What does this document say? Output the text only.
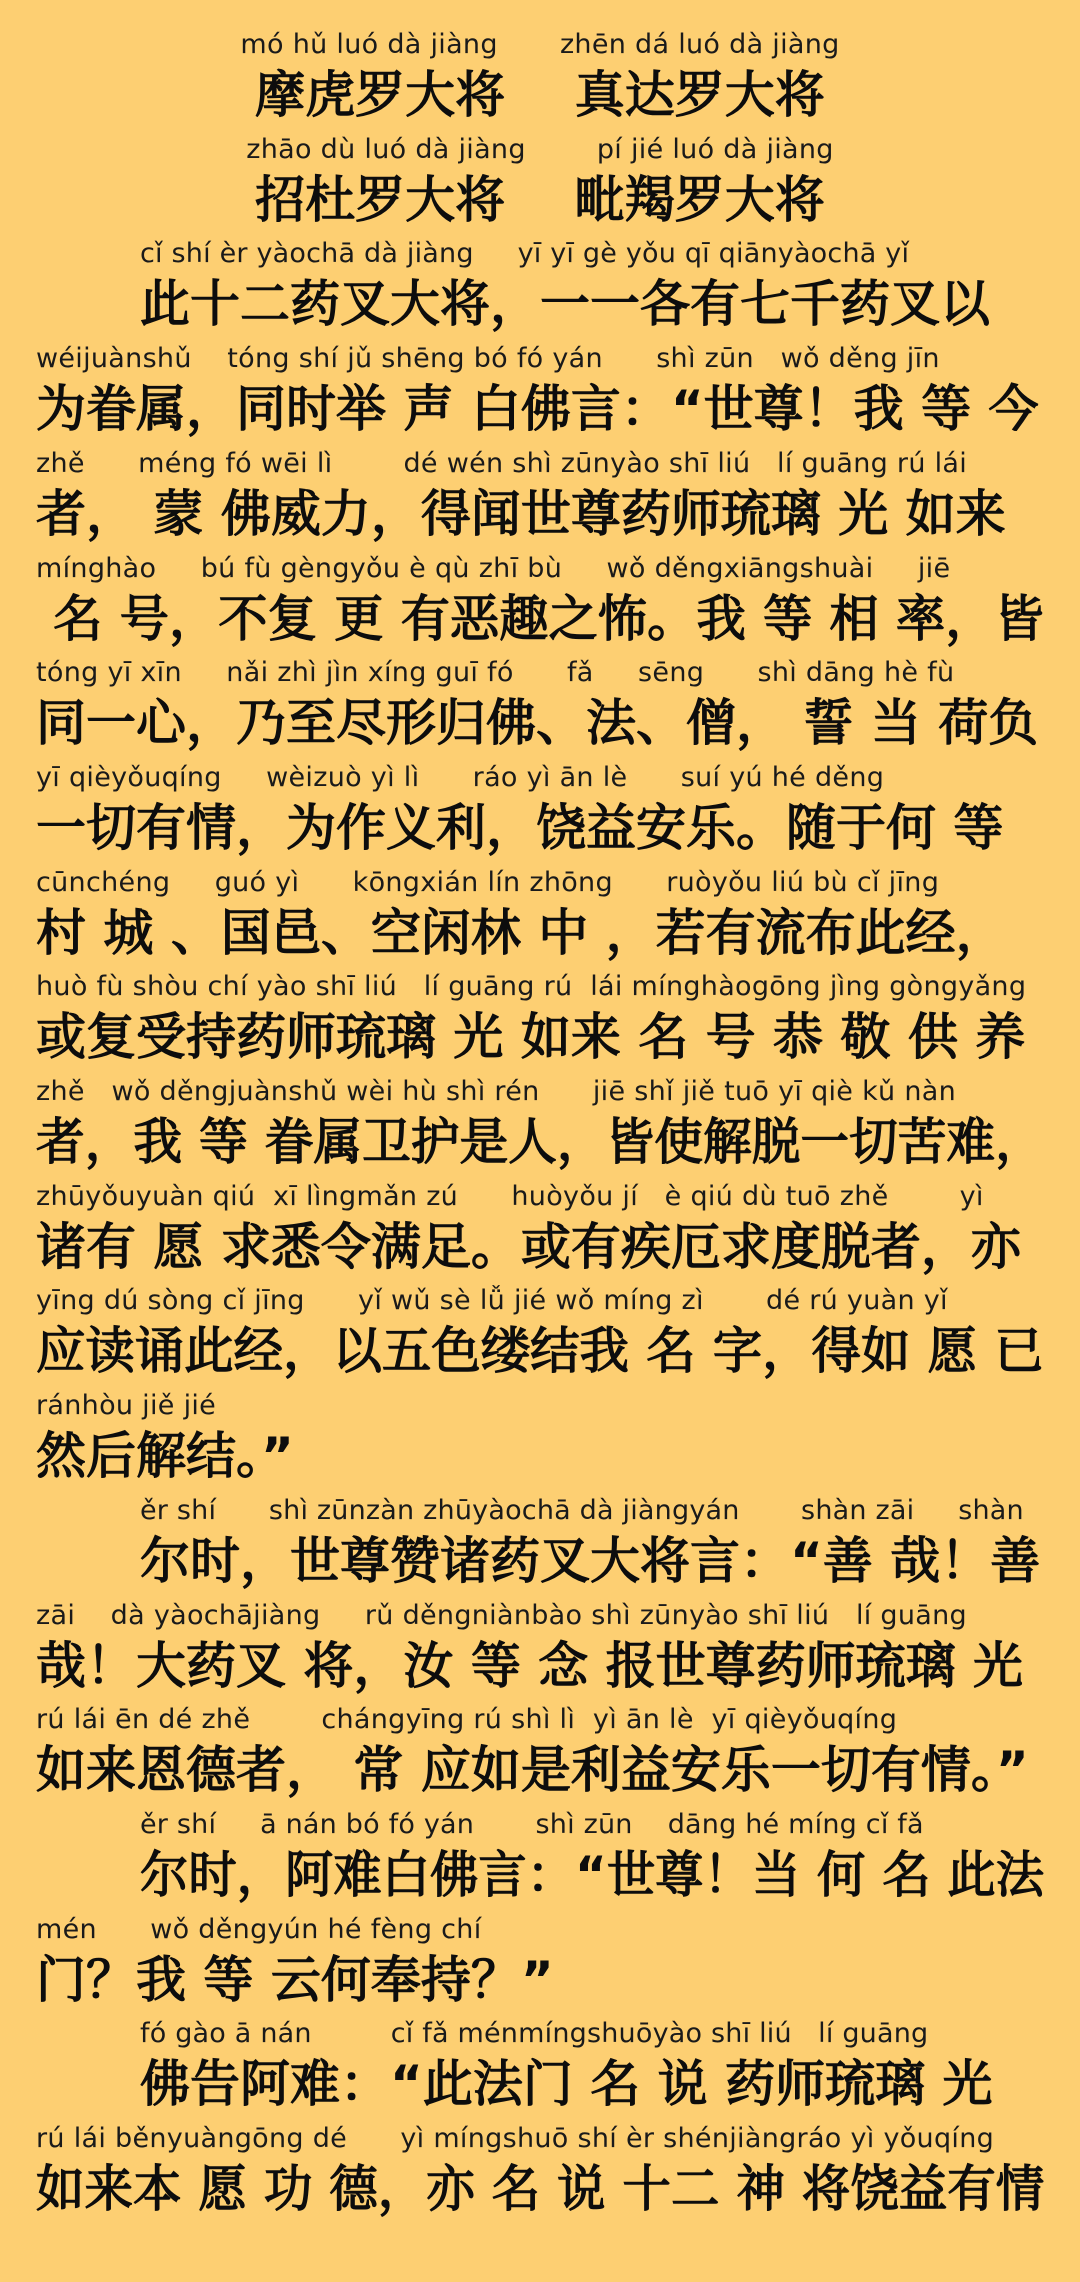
mó hǔ luó dà jiàng       zhēn dá luó dà jiàng
摩虎罗大将    真达罗大将
zhāo dù luó dà jiàng        pí jié luó dà jiàng
招杜罗大将    毗羯罗大将
cǐ shí èr yàochā dà jiàng     yī yī gè yǒu qī qiānyàochā yǐ
此十二药叉大将，一一各有七千药叉以
wéijuànshǔ    tóng shí jǔ shēng bó fó yán      shì zūn   wǒ děng jīn
为眷属，同时举 声 白佛言：“世尊！我 等 今
zhě      méng fó wēi lì        dé wén shì zūnyào shī liú   lí guāng rú lái
者， 蒙 佛威力，得闻世尊药师琉璃 光 如来
mínghào     bú fù gèngyǒu è qù zhī bù     wǒ děngxiāngshuài     jiē
名 号，不复 更 有恶趣之怖。我 等 相 率，皆
tóng yī xīn     nǎi zhì jìn xíng guī fó      fǎ     sēng      shì dāng hè fù
同一心，乃至尽形归佛、法、僧， 誓 当 荷负
yī qièyǒuqíng     wèizuò yì lì      ráo yì ān lè      suí yú hé děng
一切有情，为作义利，饶益安乐。随于何 等
cūnchéng     guó yì      kōngxián lín zhōng      ruòyǒu liú bù cǐ jīng
村 城 、国邑、空闲林 中 ，若有流布此经，
huò fù shòu chí yào shī liú   lí guāng rú  lái mínghàogōng jìng gòngyǎng
或复受持药师琉璃 光 如来 名 号 恭 敬 供 养
zhě   wǒ děngjuànshǔ wèi hù shì rén      jiē shǐ jiě tuō yī qiè kǔ nàn
者，我 等 眷属卫护是人，皆使解脱一切苦难，
zhūyǒuyuàn qiú  xī lìngmǎn zú      huòyǒu jí   è qiú dù tuō zhě        yì
诸有 愿 求悉令满足。或有疾厄求度脱者，亦
yīng dú sòng cǐ jīng      yǐ wǔ sè lǚ jié wǒ míng zì       dé rú yuàn yǐ
应读诵此经，以五色缕结我 名 字，得如 愿 已
ránhòu jiě jié
然后解结。”
ěr shí      shì zūnzàn zhūyàochā dà jiàngyán       shàn zāi     shàn
尔时，世尊赞诸药叉大将言：“善 哉！善
zāi    dà yàochājiàng     rǔ děngniànbào shì zūnyào shī liú   lí guāng
哉！大药叉 将，汝 等 念 报世尊药师琉璃 光
rú lái ēn dé zhě        chángyīng rú shì lì  yì ān lè  yī qièyǒuqíng
如来恩德者， 常 应如是利益安乐一切有情。”
ěr shí     ā nán bó fó yán       shì zūn    dāng hé míng cǐ fǎ
尔时，阿难白佛言：“世尊！当 何 名 此法
mén      wǒ děngyún hé fèng chí
门？我 等 云何奉持？”
fó gào ā nán         cǐ fǎ ménmíngshuōyào shī liú   lí guāng
佛告阿难：“此法门 名 说 药师琉璃 光
rú lái běnyuàngōng dé      yì míngshuō shí èr shénjiàngráo yì yǒuqíng
如来本 愿 功 德，亦 名 说 十二 神 将饶益有情
